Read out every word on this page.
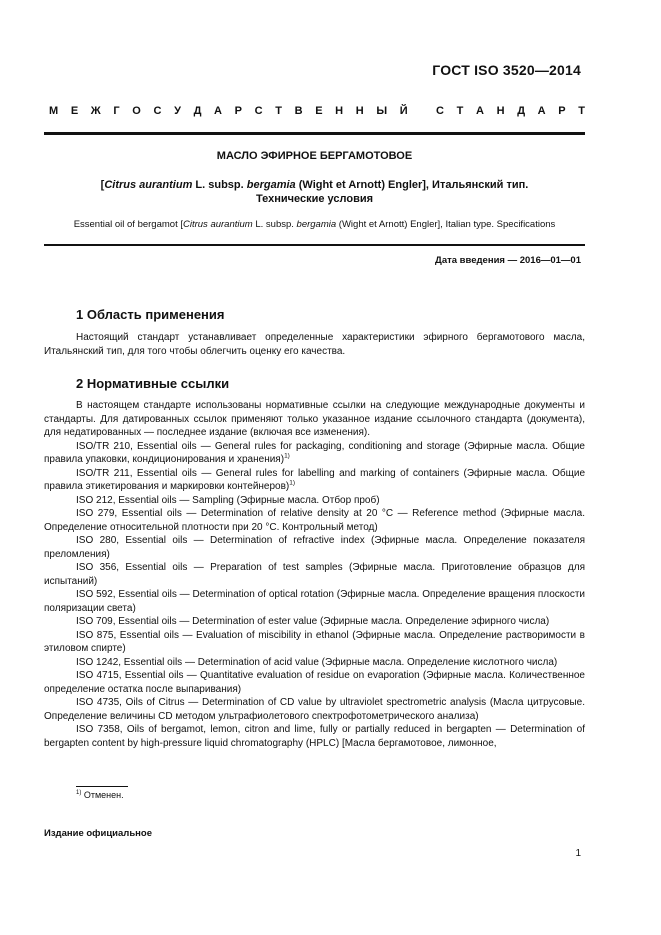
ГОСТ ISO 3520—2014
М Е Ж Г О С У Д А Р С Т В Е Н Н Ы Й
	С Т А Н Д А Р Т
МАСЛО ЭФИРНОЕ БЕРГАМОТОВОЕ
[Citrus aurantium L. subsp. bergamia (Wight et Arnott) Engler], Итальянский тип.
Технические условия
Essential oil of bergamot [Citrus aurantium L. subsp. bergamia (Wight et Arnott) Engler], Italian type. Specifications
Дата введения — 2016—01—01
1 Область применения

Настоящий стандарт устанавливает определенные характеристики эфирного бергамотового масла, Итальянский тип, для того чтобы облегчить оценку его качества.

2 Нормативные ссылки

В настоящем стандарте использованы нормативные ссылки на следующие международные документы и стандарты. Для датированных ссылок применяют только указанное издание ссылочного стандарта (документа), для недатированных — последнее издание (включая все изменения).

ISO/TR 210, Essential oils — General rules for packaging, conditioning and storage (Эфирные масла. Общие правила упаковки, кондиционирования и хранения)$^{1)}$

ISO/TR 211, Essential oils — General rules for labelling and marking of containers (Эфирные масла. Общие правила этикетирования и маркировки контейнеров)$^{1)}$

ISO 212, Essential oils — Sampling (Эфирные масла. Отбор проб)

ISO 279, Essential oils — Determination of relative density at 20 °C — Reference method (Эфирные масла. Определение относительной плотности при 20 °C. Контрольный метод)

ISO 280, Essential oils — Determination of refractive index (Эфирные масла. Определение показателя преломления)

ISO 356, Essential oils — Preparation of test samples (Эфирные масла. Приготовление образцов для испытаний)

ISO 592, Essential oils — Determination of optical rotation (Эфирные масла. Определение вращения плоскости поляризации света)

ISO 709, Essential oils — Determination of ester value (Эфирные масла. Определение эфирного числа)

ISO 875, Essential oils — Evaluation of miscibility in ethanol (Эфирные масла. Определение растворимости в этиловом спирте)

ISO 1242, Essential oils — Determination of acid value (Эфирные масла. Определение кислотного числа)

ISO 4715, Essential oils — Quantitative evaluation of residue on evaporation (Эфирные масла. Количественное определение остатка после выпаривания)

ISO 4735, Oils of Citrus — Determination of CD value by ultraviolet spectrometric analysis (Масла цитрусовые. Определение величины CD методом ультрафиолетового спектрофотометрического анализа)

ISO 7358, Oils of bergamot, lemon, citron and lime, fully or partially reduced in bergapten — Determination of bergapten content by high-pressure liquid chromatography (HPLC) [Масла бергамотовое, лимонное,

$^{1)}$ Отменен.
Издание официальное
1
